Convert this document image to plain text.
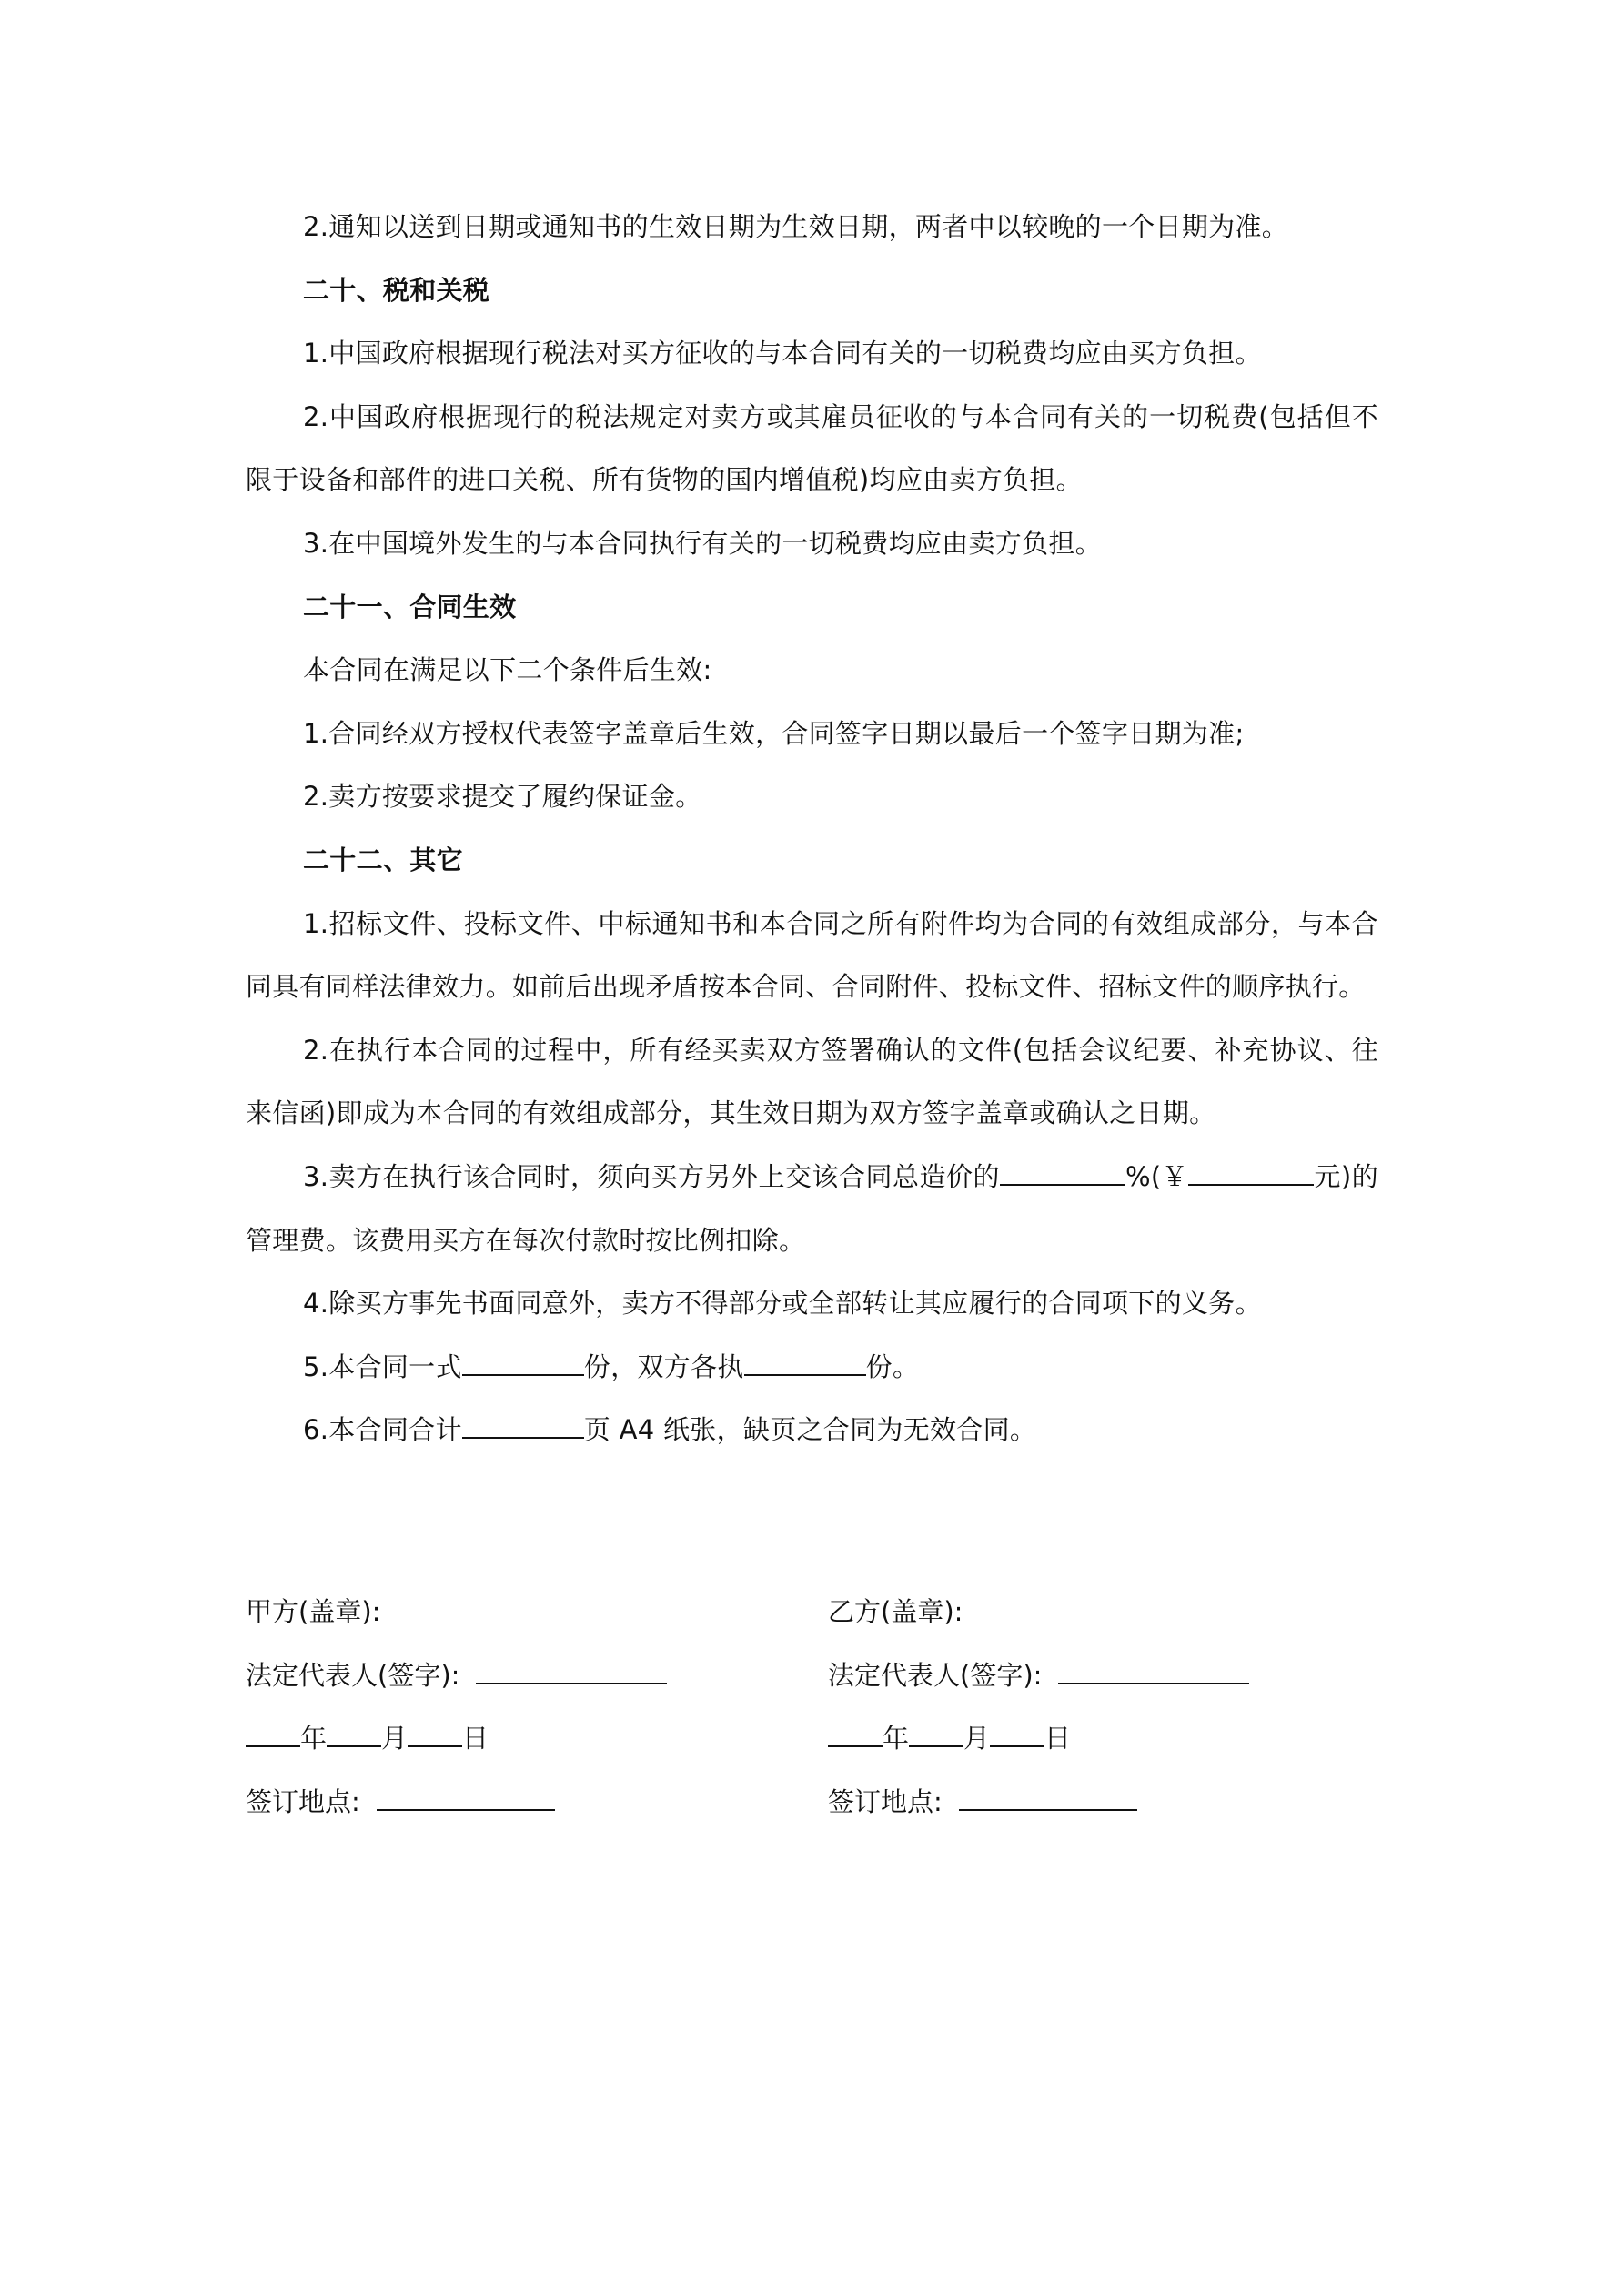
2.通知以送到日期或通知书的生效日期为生效日期，两者中以较晚的一个日期为准。

二十、税和关税

1.中国政府根据现行税法对买方征收的与本合同有关的一切税费均应由买方负担。

2.中国政府根据现行的税法规定对卖方或其雇员征收的与本合同有关的一切税费(包括但不限于设备和部件的进口关税、所有货物的国内增值税)均应由卖方负担。

3.在中国境外发生的与本合同执行有关的一切税费均应由卖方负担。

二十一、合同生效

本合同在满足以下二个条件后生效:

1.合同经双方授权代表签字盖章后生效，合同签字日期以最后一个签字日期为准;

2.卖方按要求提交了履约保证金。

二十二、其它

1.招标文件、投标文件、中标通知书和本合同之所有附件均为合同的有效组成部分，与本合同具有同样法律效力。如前后出现矛盾按本合同、合同附件、投标文件、招标文件的顺序执行。

2.在执行本合同的过程中，所有经买卖双方签署确认的文件(包括会议纪要、补充协议、往来信函)即成为本合同的有效组成部分，其生效日期为双方签字盖章或确认之日期。

3.卖方在执行该合同时，须向买方另外上交该合同总造价的	%(￥	元)的管理费。该费用买方在每次付款时按比例扣除。

4.除买方事先书面同意外，卖方不得部分或全部转让其应履行的合同项下的义务。

5.本合同一式	份，双方各执	份。

6.本合同合计	页 A4 纸张，缺页之合同为无效合同。

甲方(盖章):

法定代表人(签字):

年 月 日

签订地点:

乙方(盖章):

法定代表人(签字):

年 月 日

签订地点:
